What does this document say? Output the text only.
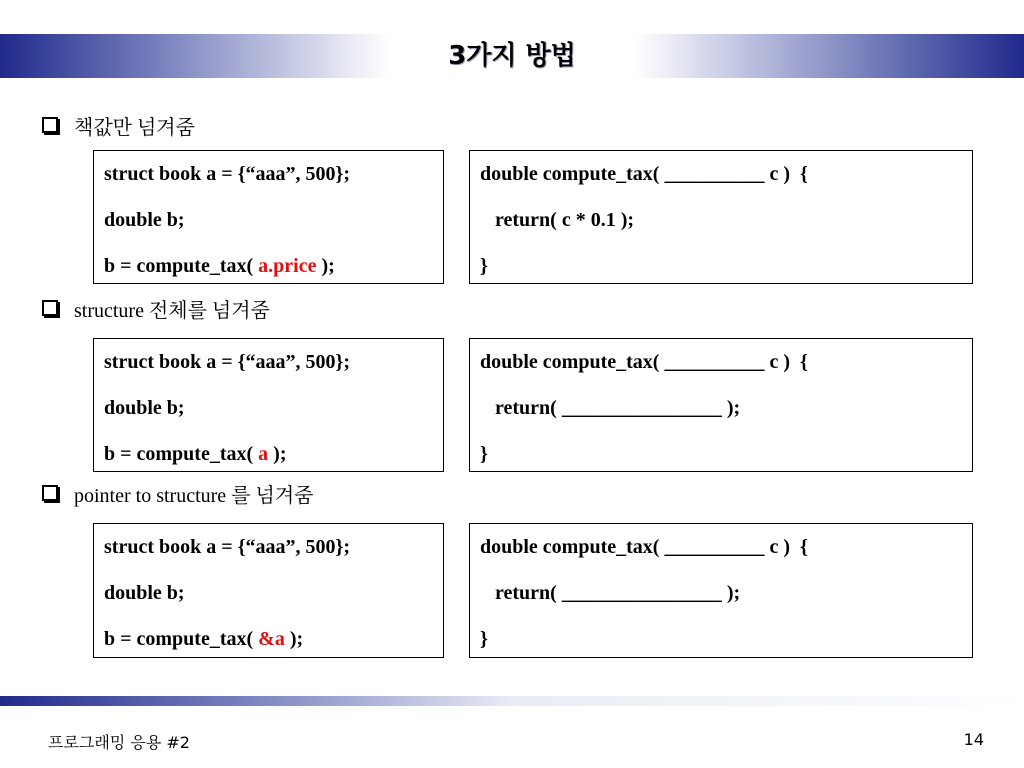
3가지 방법
책값만 넘겨줌
struct book a = {“aaa”, 500};
double b;
b = compute_tax( a.price );
double compute_tax( __________ c )  {
return( c * 0.1 );
}
structure 전체를 넘겨줌
struct book a = {“aaa”, 500};
double b;
b = compute_tax( a );
double compute_tax( __________ c )  {
return( ________________ );
}
pointer to structure 를 넘겨줌
struct book a = {“aaa”, 500};
double b;
b = compute_tax( &a );
double compute_tax( __________ c )  {
return( ________________ );
}
프로그래밍 응용 #2	14
